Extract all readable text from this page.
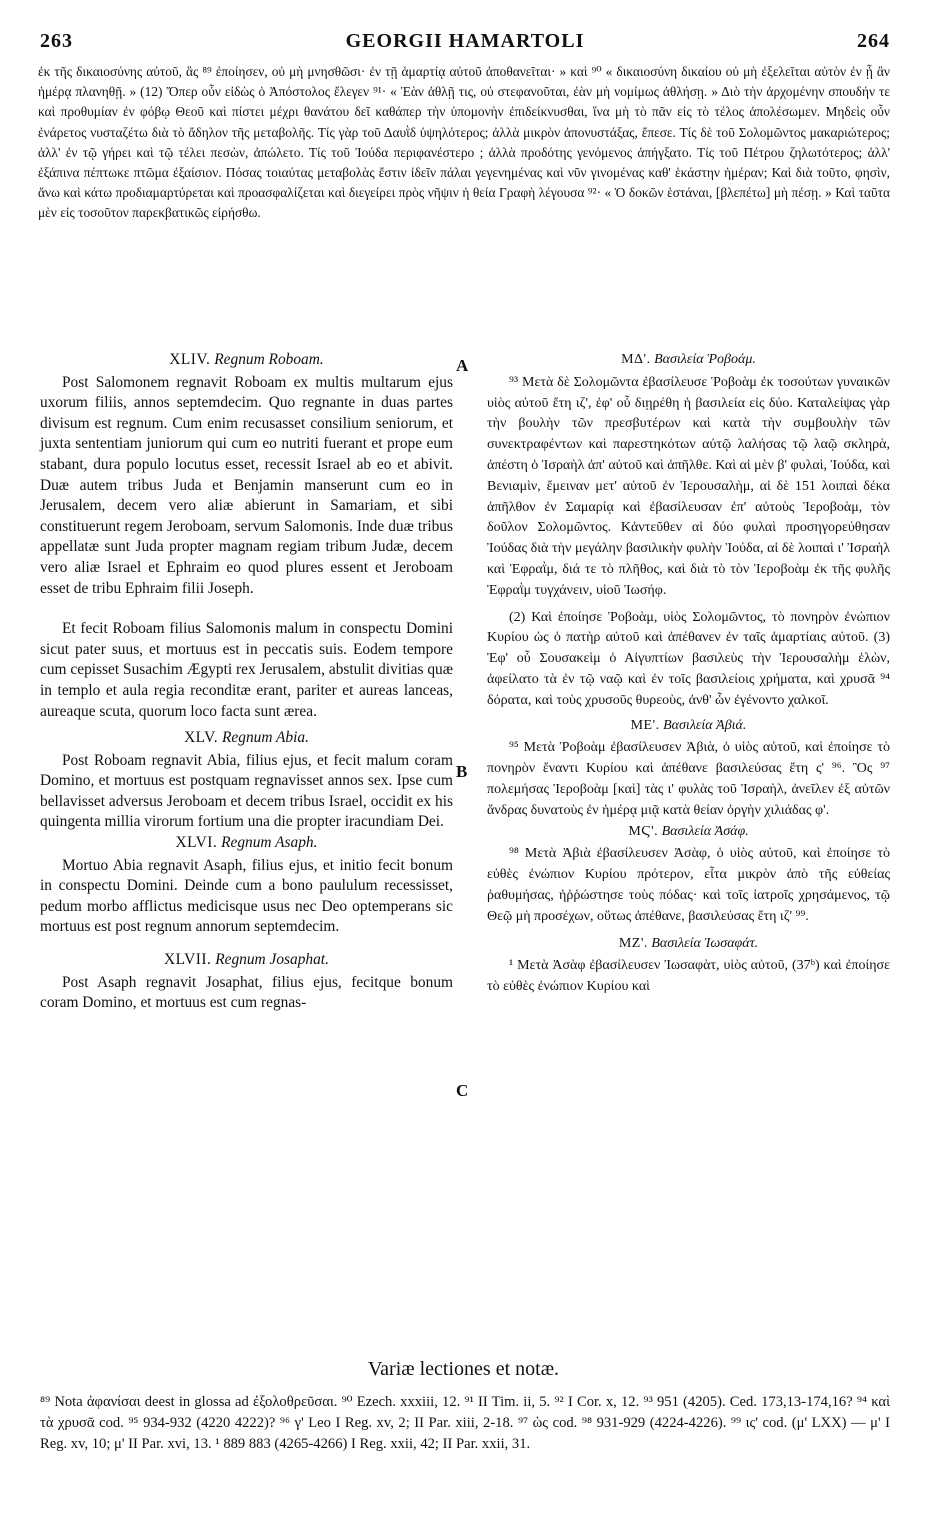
263	GEORGII HAMARTOLI	264

ἐκ τῆς δικαιοσύνης αὐτοῦ, ἃς ⁸⁹ ἐποίησεν, οὐ μὴ μνησθῶσι· ἐν τῇ ἁμαρτίᾳ αὐτοῦ ἀποθανεῖται· » καὶ ⁹⁰ « δικαιοσύνη δικαίου οὐ μὴ ἐξελεῖται αὐτὸν ἐν ᾗ ἂν ἡμέρᾳ πλανηθῇ. » (12) Ὅπερ οὖν εἰδὼς ὁ Ἀπόστολος ἔλεγεν ⁹¹· « Ἐὰν ἀθλῇ τις, οὐ στεφανοῦται, ἐὰν μὴ νομίμως ἀθλήσῃ. » Διὸ τὴν ἀρχομένην σπουδήν τε καὶ προθυμίαν ἐν φόβῳ Θεοῦ καὶ πίστει μέχρι θανάτου δεῖ καθάπερ τὴν ὑπομονὴν ἐπιδείκνυσθαι, ἵνα μὴ τὸ πᾶν εἰς τὸ τέλος ἀπολέσωμεν. Μηδεὶς οὖν ἐνάρετος νυσταζέτω διὰ τὸ ἄδηλον τῆς μεταβολῆς. Τίς γὰρ τοῦ Δαυῒδ ὑψηλότερος; ἀλλὰ μικρὸν ἀπονυστάξας, ἔπεσε. Τίς δὲ τοῦ Σολομῶντος μακαριώτερος; ἀλλ' ἐν τῷ γήρει καὶ τῷ τέλει πεσὼν, ἀπώλετο. Τίς τοῦ Ἰούδα περιφανέστερο ; ἀλλὰ προδότης γενόμενος ἀπήγξατο. Τίς τοῦ Πέτρου ζηλωτότερος; ἀλλ' ἐξάπινα πέπτωκε πτῶμα ἐξαίσιον. Πόσας τοιαύτας μεταβολὰς ἔστιν ἰδεῖν πάλαι γεγενημένας καὶ νῦν γινομένας καθ' ἑκάστην ἡμέραν; Καὶ διὰ τοῦτο, φησὶν, ἄνω καὶ κάτω προδιαμαρτύρεται καὶ προασφαλίζεται καὶ διεγείρει πρὸς νῆψιν ἡ θεία Γραφὴ λέγουσα ⁹²· « Ὁ δοκῶν ἑστάναι, [βλεπέτω] μὴ πέσῃ. » Καὶ ταῦτα μὲν εἰς τοσοῦτον παρεκβατικῶς εἰρήσθω.

XLIV. Regnum Roboam.

Post Salomonem regnavit Roboam ex multis multarum ejus uxorum filiis, annos septemdecim. Quo regnante in duas partes divisum est regnum. Cum enim recusasset consilium seniorum, et juxta sententiam juniorum qui cum eo nutriti fuerant et prope eum stabant, dura populo locutus esset, recessit Israel ab eo et abivit. Duæ autem tribus Juda et Benjamin manserunt cum eo in Jerusalem, decem vero aliæ abierunt in Samariam, et sibi constituerunt regem Jeroboam, servum Salomonis. Inde duæ tribus appellatæ sunt Juda propter magnam regiam tribum Judæ, decem vero aliæ Israel et Ephraim eo quod plures essent et Jeroboam esset de tribu Ephraim filii Joseph.

Et fecit Roboam filius Salomonis malum in conspectu Domini sicut pater suus, et mortuus est in peccatis suis. Eodem tempore cum cepisset Susachim Ægypti rex Jerusalem, abstulit divitias quæ in templo et aula regia reconditæ erant, pariter et aureas lanceas, aureaque scuta, quorum loco facta sunt ærea.

XLV. Regnum Abia.

Post Roboam regnavit Abia, filius ejus, et fecit malum coram Domino, et mortuus est postquam regnavisset annos sex. Ipse cum bellavisset adversus Jeroboam et decem tribus Israel, occidit ex his quingenta millia virorum fortium una die propter iracundiam Dei.

XLVI. Regnum Asaph.

Mortuo Abia regnavit Asaph, filius ejus, et initio fecit bonum in conspectu Domini. Deinde cum a bono paululum recessisset, pedum morbo afflictus medicisque usus nec Deo optemperans sic mortuus est post regnum annorum septemdecim.

XLVII. Regnum Josaphat.

Post Asaph regnavit Josaphat, filius ejus, fecitque bonum coram Domino, et mortuus est cum regnas-

A
B
C
ΜΔ'. Βασιλεία Ῥοβοάμ.

⁹³ Μετὰ δὲ Σολομῶντα ἐβασίλευσε Ῥοβοὰμ ἐκ τοσούτων γυναικῶν υἱὸς αὐτοῦ ἔτη ιζ', ἐφ' οὗ διῃρέθη ἡ βασιλεία εἰς δύο. Καταλείψας γὰρ τὴν βουλὴν τῶν πρεσβυτέρων καὶ κατὰ τὴν συμβουλὴν τῶν συνεκτραφέντων καὶ παρεστηκότων αὐτῷ λαλήσας τῷ λαῷ σκληρὰ, ἀπέστη ὁ Ἰσραὴλ ἀπ' αὐτοῦ καὶ ἀπῆλθε. Καὶ αἱ μὲν β' φυλαὶ, Ἰούδα, καὶ Βενιαμὶν, ἔμειναν μετ' αὐτοῦ ἐν Ἱερουσαλὴμ, αἱ δὲ 151 λοιπαὶ δέκα ἀπῆλθον ἐν Σαμαρίᾳ καὶ ἐβασίλευσαν ἐπ' αὐτοὺς Ἱεροβοὰμ, τὸν δοῦλον Σολομῶντος. Κἀντεῦθεν αἱ δύο φυλαὶ προσηγορεύθησαν Ἰούδας διὰ τὴν μεγάλην βασιλικὴν φυλὴν Ἰούδα, αἱ δὲ λοιπαὶ ι' Ἰσραὴλ καὶ Ἐφραῒμ, διά τε τὸ πλῆθος, καὶ διὰ τὸ τὸν Ἱεροβοὰμ ἐκ τῆς φυλῆς Ἐφραῒμ τυγχάνειν, υἱοῦ Ἰωσήφ.

(2) Καὶ ἐποίησε Ῥοβοὰμ, υἱὸς Σολομῶντος, τὸ πονηρὸν ἐνώπιον Κυρίου ὡς ὁ πατὴρ αὐτοῦ καὶ ἀπέθανεν ἐν ταῖς ἁμαρτίαις αὐτοῦ. (3) Ἐφ' οὗ Σουσακεὶμ ὁ Αἰγυπτίων βασιλεὺς τὴν Ἱερουσαλὴμ ἑλὼν, ἀφείλατο τὰ ἐν τῷ ναῷ καὶ ἐν τοῖς βασιλείοις χρήματα, καὶ χρυσᾶ ⁹⁴ δόρατα, καὶ τοὺς χρυσοῦς θυρεοὺς, ἀνθ' ὧν ἐγένοντο χαλκοῖ.

ΜΕ'. Βασιλεία Ἀβιά.

⁹⁵ Μετὰ Ῥοβοὰμ ἐβασίλευσεν Ἀβιὰ, ὁ υἱὸς αὐτοῦ, καὶ ἐποίησε τὸ πονηρὸν ἔναντι Κυρίου καὶ ἀπέθανε βασιλεύσας ἔτη ς' ⁹⁶. Ὃς ⁹⁷ πολεμήσας Ἱεροβοὰμ [καὶ] τὰς ι' φυλὰς τοῦ Ἰσραὴλ, ἀνεῖλεν ἐξ αὐτῶν ἄνδρας δυνατοὺς ἐν ἡμέρᾳ μιᾷ κατὰ θείαν ὀργὴν χιλιάδας φ'.

ΜϚ'. Βασιλεία Ἀσάφ.

⁹⁸ Μετὰ Ἀβιὰ ἐβασίλευσεν Ἀσὰφ, ὁ υἱὸς αὐτοῦ, καὶ ἐποίησε τὸ εὐθὲς ἐνώπιον Κυρίου πρότερον, εἶτα μικρὸν ἀπὸ τῆς εὐθείας ῥαθυμήσας, ἠῤῥώστησε τοὺς πόδας· καὶ τοῖς ἰατροῖς χρησάμενος, τῷ Θεῷ μὴ προσέχων, οὕτως ἀπέθανε, βασιλεύσας ἔτη ιζ' ⁹⁹.

ΜΖ'. Βασιλεία Ἰωσαφάτ.

¹ Μετὰ Ἀσὰφ ἐβασίλευσεν Ἰωσαφὰτ, υἱὸς αὐτοῦ, (37ᵇ) καὶ ἐποίησε τὸ εὐθὲς ἐνώπιον Κυρίου καὶ

Variæ lectiones et notæ.

⁸⁹ Nota ἀφανίσαι deest in glossa ad ἐξολοθρεῦσαι. ⁹⁰ Ezech. xxxiii, 12. ⁹¹ II Tim. ii, 5. ⁹² I Cor. x, 12. ⁹³ 951 (4205). Ced. 173,13-174,16? ⁹⁴ καὶ τὰ χρυσᾶ cod. ⁹⁵ 934-932 (4220 4222)? ⁹⁶ γ' Leo I Reg. xv, 2; II Par. xiii, 2-18. ⁹⁷ ὡς cod. ⁹⁸ 931-929 (4224-4226). ⁹⁹ ις' cod. (μ' LXX) — μ' I Reg. xv, 10; μ' II Par. xvi, 13. ¹ 889 883 (4265-4266) I Reg. xxii, 42; II Par. xxii, 31.
